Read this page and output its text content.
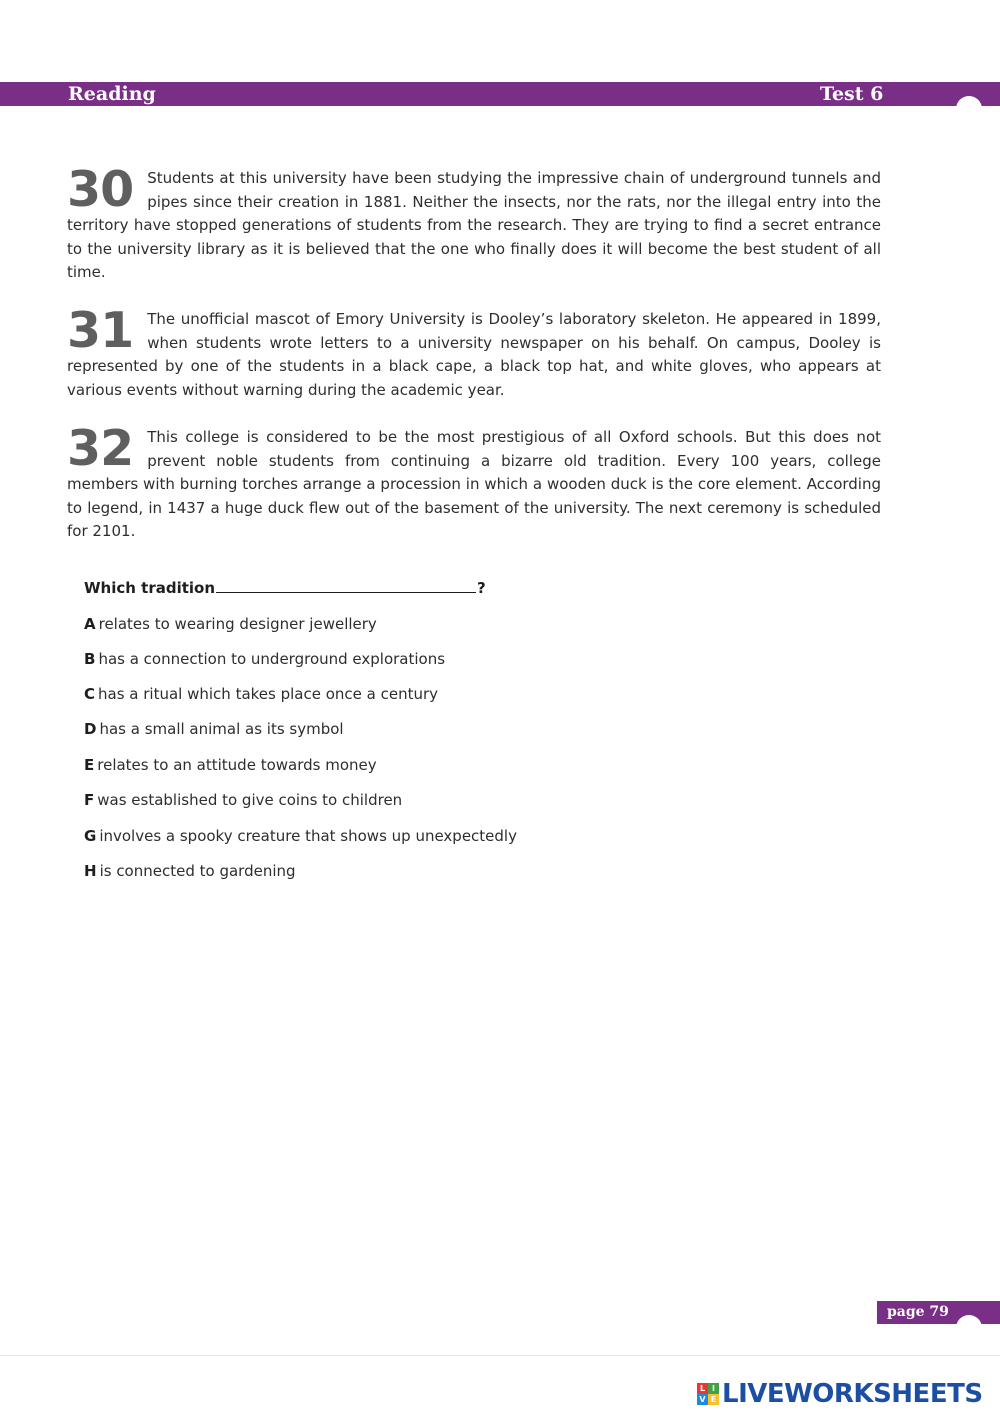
Reading	Test 6
30 Students at this university have been studying the impressive chain of underground tunnels and pipes since their creation in 1881. Neither the insects, nor the rats, nor the illegal entry into the territory have stopped generations of students from the research. They are trying to find a secret entrance to the university library as it is believed that the one who finally does it will become the best student of all time.
31 The unofficial mascot of Emory University is Dooley’s laboratory skeleton. He appeared in 1899, when students wrote letters to a university newspaper on his behalf. On campus, Dooley is represented by one of the students in a black cape, a black top hat, and white gloves, who appears at various events without warning during the academic year.
32 This college is considered to be the most prestigious of all Oxford schools. But this does not prevent noble students from continuing a bizarre old tradition. Every 100 years, college members with burning torches arrange a procession in which a wooden duck is the core element. According to legend, in 1437 a huge duck flew out of the basement of the university. The next ceremony is scheduled for 2101.
Which tradition	?
A relates to wearing designer jewellery
B has a connection to underground explorations
C has a ritual which takes place once a century
D has a small animal as its symbol
E relates to an attitude towards money
F was established to give coins to children
G involves a spooky creature that shows up unexpectedly
H is connected to gardening
page 79
L I
V E LIVEWORKSHEETS
